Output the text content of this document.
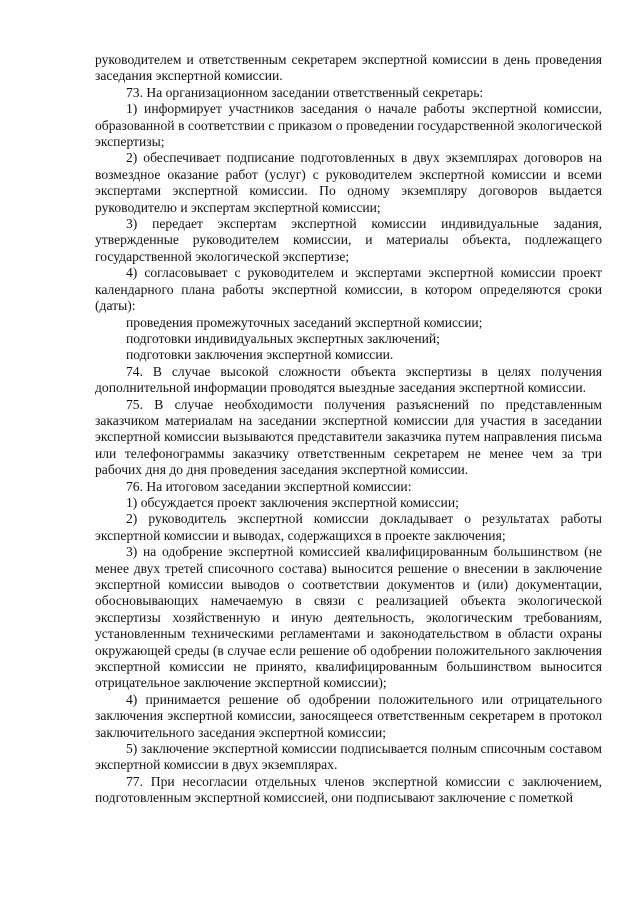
руководителем и ответственным секретарем экспертной комиссии в день проведения заседания экспертной комиссии.

73. На организационном заседании ответственный секретарь:

1) информирует участников заседания о начале работы экспертной комиссии, образованной в соответствии с приказом о проведении государственной экологической экспертизы;

2) обеспечивает подписание подготовленных в двух экземплярах договоров на возмездное оказание работ (услуг) с руководителем экспертной комиссии и всеми экспертами экспертной комиссии. По одному экземпляру договоров выдается руководителю и экспертам экспертной комиссии;

3) передает экспертам экспертной комиссии индивидуальные задания, утвержденные руководителем комиссии, и материалы объекта, подлежащего государственной экологической экспертизе;

4) согласовывает с руководителем и экспертами экспертной комиссии проект календарного плана работы экспертной комиссии, в котором определяются сроки (даты):

проведения промежуточных заседаний экспертной комиссии;

подготовки индивидуальных экспертных заключений;

подготовки заключения экспертной комиссии.

74. В случае высокой сложности объекта экспертизы в целях получения дополнительной информации проводятся выездные заседания экспертной комиссии.

75. В случае необходимости получения разъяснений по представленным заказчиком материалам на заседании экспертной комиссии для участия в заседании экспертной комиссии вызываются представители заказчика путем направления письма или телефонограммы заказчику ответственным секретарем не менее чем за три рабочих дня до дня проведения заседания экспертной комиссии.

76. На итоговом заседании экспертной комиссии:

1) обсуждается проект заключения экспертной комиссии;

2) руководитель экспертной комиссии докладывает о результатах работы экспертной комиссии и выводах, содержащихся в проекте заключения;

3) на одобрение экспертной комиссией квалифицированным большинством (не менее двух третей списочного состава) выносится решение о внесении в заключение экспертной комиссии выводов о соответствии документов и (или) документации, обосновывающих намечаемую в связи с реализацией объекта экологической экспертизы хозяйственную и иную деятельность, экологическим требованиям, установленным техническими регламентами и законодательством в области охраны окружающей среды (в случае если решение об одобрении положительного заключения экспертной комиссии не принято, квалифицированным большинством выносится отрицательное заключение экспертной комиссии);

4) принимается решение об одобрении положительного или отрицательного заключения экспертной комиссии, заносящееся ответственным секретарем в протокол заключительного заседания экспертной комиссии;

5) заключение экспертной комиссии подписывается полным списочным составом экспертной комиссии в двух экземплярах.

77. При несогласии отдельных членов экспертной комиссии с заключением, подготовленным экспертной комиссией, они подписывают заключение с пометкой
